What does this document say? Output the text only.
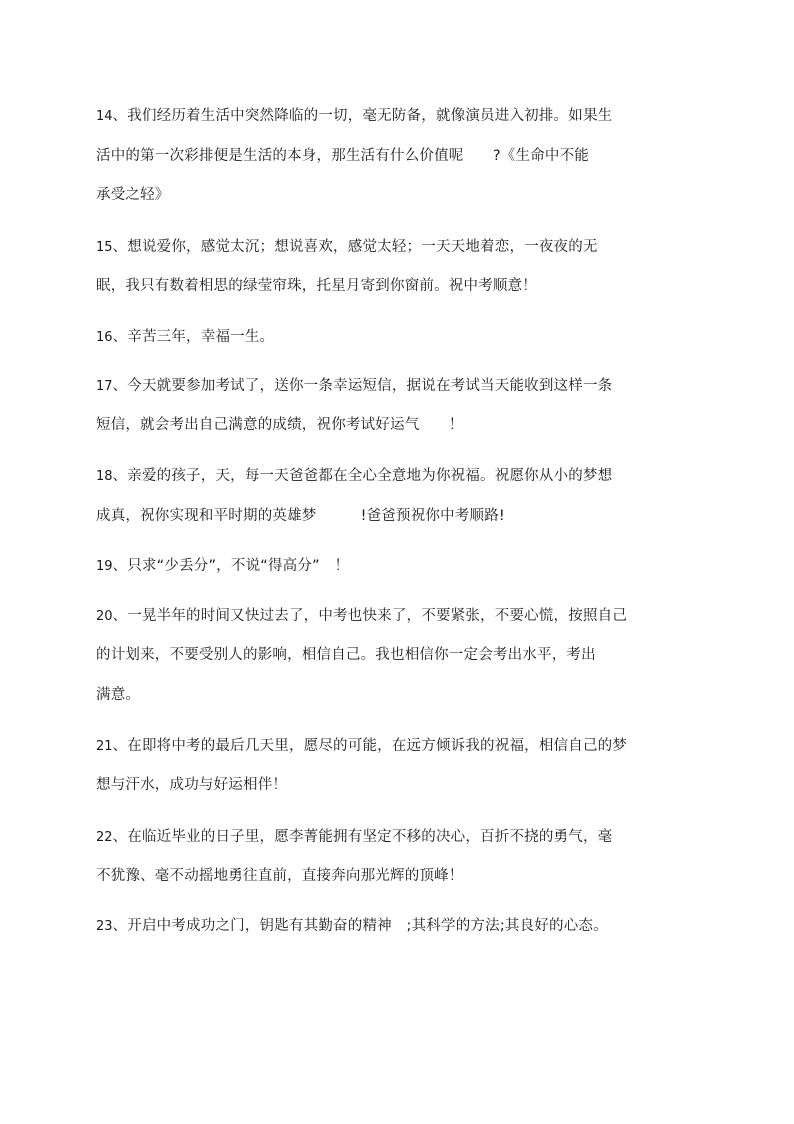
14、我们经历着生活中突然降临的一切，毫无防备，就像演员进入初排。如果生
活中的第一次彩排便是生活的本身，那生活有什么价值呢　　?《生命中不能
承受之轻》
15、想说爱你，感觉太沉；想说喜欢，感觉太轻；一天天地着恋，一夜夜的无
眠，我只有数着相思的绿莹帘珠，托星月寄到你窗前。祝中考顺意！
16、辛苦三年，幸福一生。
17、今天就要参加考试了，送你一条幸运短信，据说在考试当天能收到这样一条
短信，就会考出自己满意的成绩，祝你考试好运气　　！
18、亲爱的孩子，天，每一天爸爸都在全心全意地为你祝福。祝愿你从小的梦想
成真，祝你实现和平时期的英雄梦　　　!爸爸预祝你中考顺路!
19、只求“少丢分”，不说“得高分”　！
20、一晃半年的时间又快过去了，中考也快来了，不要紧张，不要心慌，按照自己
的计划来，不要受别人的影响，相信自己。我也相信你一定会考出水平，考出
满意。
21、在即将中考的最后几天里，愿尽的可能，在远方倾诉我的祝福，相信自己的梦
想与汗水，成功与好运相伴！
22、在临近毕业的日子里，愿李菁能拥有坚定不移的决心，百折不挠的勇气，毫
不犹豫、毫不动摇地勇往直前，直接奔向那光辉的顶峰！
23、开启中考成功之门，钥匙有其勤奋的精神　;其科学的方法;其良好的心态。
